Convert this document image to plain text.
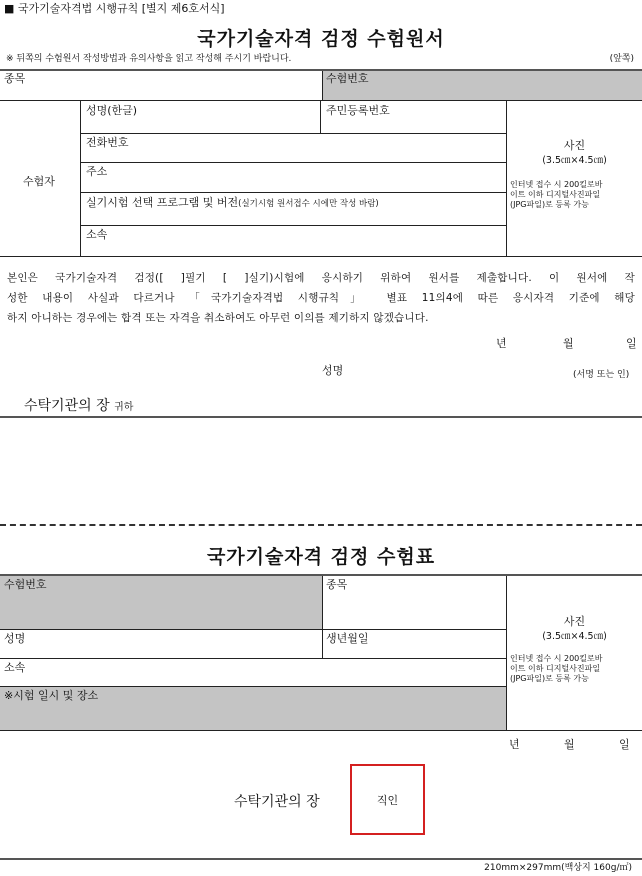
■ 국가기술자격법 시행규칙 [별지 제6호서식]
국가기술자격 검정 수험원서
※ 뒤쪽의 수험원서 작성방법과 유의사항을 읽고 작성해 주시기 바랍니다.	(앞쪽)
종목	수험번호
수험자
성명(한글)	주민등록번호
전화번호
주소
실기시험 선택 프로그램 및 버전(실기시험 원서접수 시에만 작성 바람)
소속
사진
(3.5㎝×4.5㎝)
인터넷 접수 시 200킬로바
이트 이하 디지털사진파일
(JPG파일)로 등록 가능
본인은 국가기술자격 검정([ ]필기 [ ]실기)시험에 응시하기 위하여 원서를 제출합니다. 이 원서에 작
성한 내용이 사실과 다르거나 「국가기술자격법 시행규칙」 별표 11의4에 따른 응시자격 기준에 해당
하지 아니하는 경우에는 합격 또는 자격을 취소하여도 아무런 이의를 제기하지 않겠습니다.
년	월	일
성명	(서명 또는 인)
수탁기관의 장 귀하
국가기술자격 검정 수험표
수험번호	종목
성명	생년월일
소속
※시험 일시 및 장소
사진
(3.5㎝×4.5㎝)
인터넷 접수 시 200킬로바
이트 이하 디지털사진파일
(JPG파일)로 등록 가능
년	월	일
수탁기관의 장	직인
210mm×297mm(백상지 160g/㎡)
